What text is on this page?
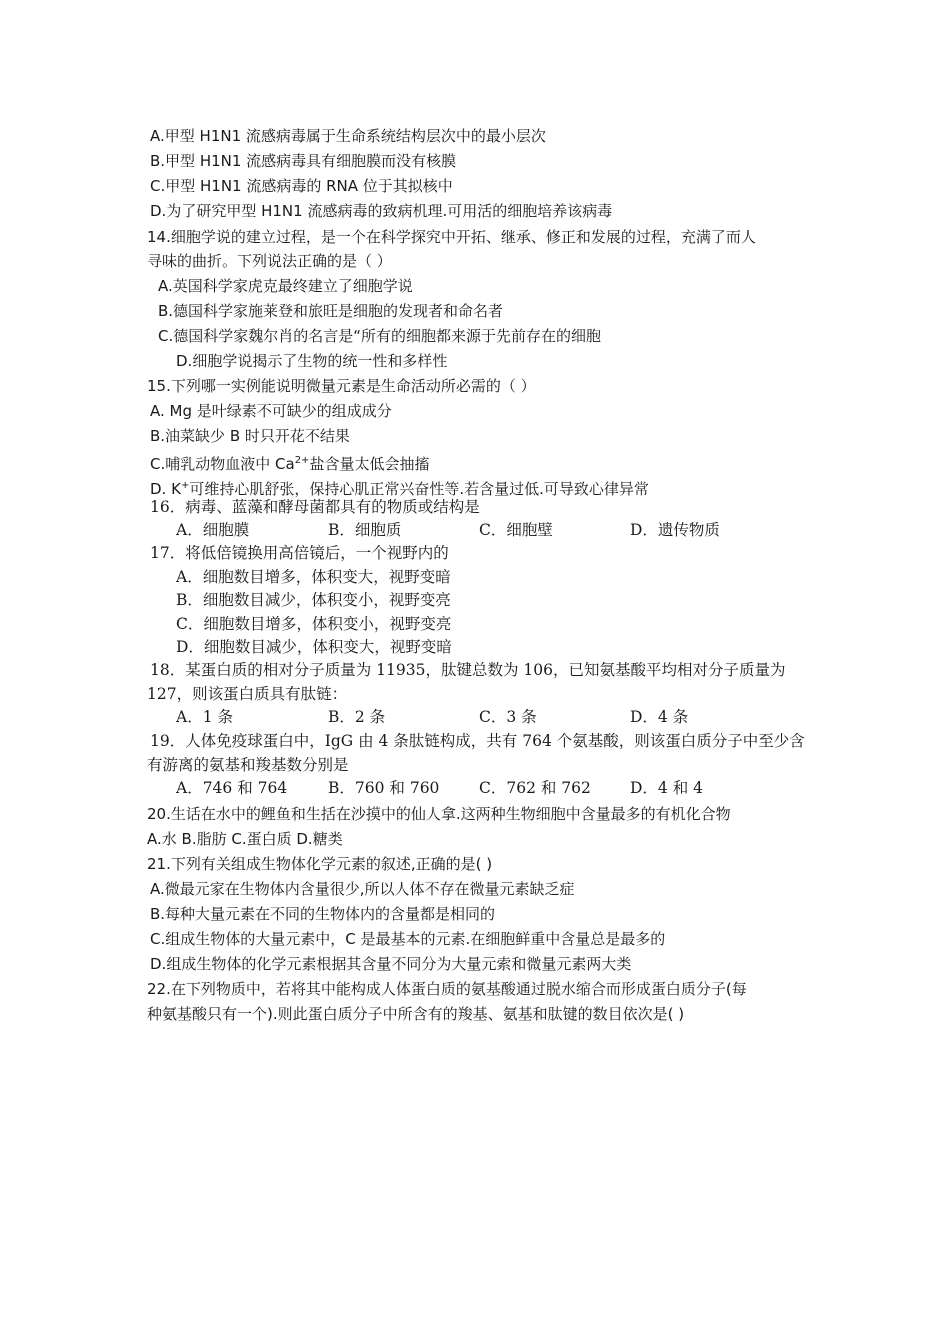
A.甲型 H1N1 流感病毒属于生命系统结构层次中的最小层次
B.甲型 H1N1 流感病毒具有细胞膜而没有核膜
C.甲型 H1N1 流感病毒的 RNA 位于其拟核中
D.为了研究甲型 H1N1 流感病毒的致病机理.可用活的细胞培养该病毒
14.细胞学说的建立过程，是一个在科学探究中开拓、继承、修正和发展的过程，充满了而人
寻味的曲折。下列说法正确的是（ ）
A.英国科学家虎克最终建立了细胞学说
B.德国科学家施莱登和旅旺是细胞的发现者和命名者
C.德国科学家魏尔肖的名言是“所有的细胞都来源于先前存在的细胞
D.细胞学说揭示了生物的统一性和多样性
15.下列哪一实例能说明微量元素是生命活动所必需的（ ）
A. Mg 是叶绿素不可缺少的组成成分
B.油菜缺少 B 时只开花不结果
C.哺乳动物血液中 $Ca^{2+}$盐含量太低会抽搐
D. K+可维持心肌舒张，保持心肌正常兴奋性等.若含量过低.可导致心律异常
16．病毒、蓝藻和酵母菌都具有的物质或结构是
A．细胞膜	B．细胞质	C．细胞壁	D．遗传物质
17．将低倍镜换用高倍镜后，一个视野内的
A．细胞数目增多，体积变大，视野变暗
B．细胞数目减少，体积变小，视野变亮
C．细胞数目增多，体积变小，视野变亮
D．细胞数目减少，体积变大，视野变暗
18．某蛋白质的相对分子质量为 11935，肽键总数为 106，已知氨基酸平均相对分子质量为
127，则该蛋白质具有肽链：
A．1 条	B．2 条	C．3 条	D．4 条
19．人体免疫球蛋白中，IgG 由 4 条肽链构成，共有 764 个氨基酸，则该蛋白质分子中至少含
有游离的氨基和羧基数分别是
A．746 和 764	B．760 和 760	C．762 和 762	D．4 和 4
20.生话在水中的鲤鱼和生括在沙摸中的仙人拿.这两种生物细胞中含量最多的有机化合物
A.水 B.脂肪 C.蛋白质 D.糖类
21.下列有关组成生物体化学元素的叙述,正确的是( )
A.微最元家在生物体内含量很少,所以人体不存在微量元素缺乏症
B.每种大量元素在不同的生物体内的含量都是相同的
C.组成生物体的大量元素中，C 是最基本的元素.在细胞鲜重中含量总是最多的
D.组成生物体的化学元素根据其含量不同分为大量元索和微量元素两大类
22.在下列物质中，若将其中能构成人体蛋白质的氨基酸通过脱水缩合而形成蛋白质分子(每
种氨基酸只有一个).则此蛋白质分子中所含有的羧基、氨基和肽键的数目依次是( )
